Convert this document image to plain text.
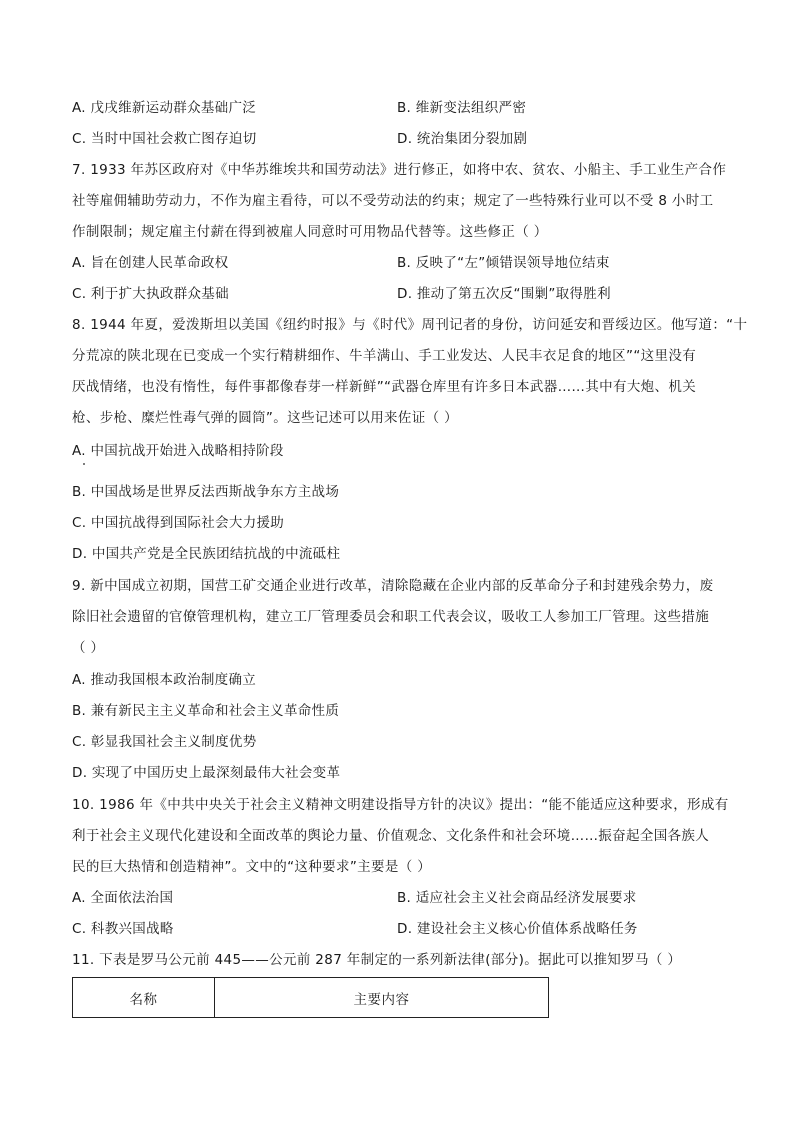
A. 戊戌维新运动群众基础广泛	B. 维新变法组织严密
C. 当时中国社会救亡图存迫切	D. 统治集团分裂加剧
7. 1933 年苏区政府对《中华苏维埃共和国劳动法》进行修正，如将中农、贫农、小船主、手工业生产合作
社等雇佣辅助劳动力，不作为雇主看待，可以不受劳动法的约束；规定了一些特殊行业可以不受 8 小时工
作制限制；规定雇主付薪在得到被雇人同意时可用物品代替等。这些修正（ ）
A. 旨在创建人民革命政权	B. 反映了“左”倾错误领导地位结束
C. 利于扩大执政群众基础	D. 推动了第五次反“围剿”取得胜利
8. 1944 年夏，爱泼斯坦以美国《纽约时报》与《时代》周刊记者的身份，访问延安和晋绥边区。他写道：“十
分荒凉的陕北现在已变成一个实行精耕细作、牛羊满山、手工业发达、人民丰衣足食的地区”“这里没有
厌战情绪，也没有惰性，每件事都像春芽一样新鲜”“武器仓库里有许多日本武器……其中有大炮、机关
枪、步枪、糜烂性毒气弹的圆筒”。这些记述可以用来佐证（ ）
A. 中国抗战开始进入战略相持阶段
B. 中国战场是世界反法西斯战争东方主战场
C. 中国抗战得到国际社会大力援助
D. 中国共产党是全民族团结抗战的中流砥柱
9. 新中国成立初期，国营工矿交通企业进行改革，清除隐藏在企业内部的反革命分子和封建残余势力，废
除旧社会遗留的官僚管理机构，建立工厂管理委员会和职工代表会议，吸收工人参加工厂管理。这些措施
（ ）
A. 推动我国根本政治制度确立
B. 兼有新民主主义革命和社会主义革命性质
C. 彰显我国社会主义制度优势
D. 实现了中国历史上最深刻最伟大社会变革
10. 1986 年《中共中央关于社会主义精神文明建设指导方针的决议》提出：“能不能适应这种要求，形成有
利于社会主义现代化建设和全面改革的舆论力量、价值观念、文化条件和社会环境……振奋起全国各族人
民的巨大热情和创造精神”。文中的“这种要求”主要是（ ）
A. 全面依法治国	B. 适应社会主义社会商品经济发展要求
C. 科教兴国战略	D. 建设社会主义核心价值体系战略任务
11. 下表是罗马公元前 445——公元前 287 年制定的一系列新法律(部分)。据此可以推知罗马（ ）
名称	主要内容
